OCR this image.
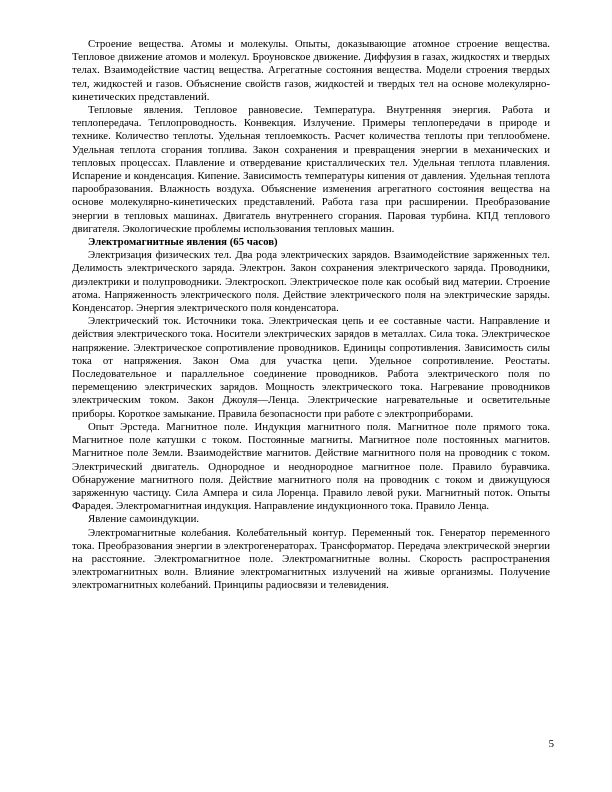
Строение вещества. Атомы и молекулы. Опыты, доказывающие атомное строение вещества. Тепловое движение атомов и молекул. Броуновское движение. Диффузия в газах, жидкостях и твердых телах. Взаимодействие частиц вещества. Агрегатные состояния вещества. Модели строения твердых тел, жидкостей и газов. Объяснение свойств газов, жидкостей и твердых тел на основе молекулярно-кинетических представлений.

Тепловые явления. Тепловое равновесие. Температура. Внутренняя энергия. Работа и теплопередача. Теплопроводность. Конвекция. Излучение. Примеры теплопередачи в природе и технике. Количество теплоты. Удельная теплоемкость. Расчет количества теплоты при теплообмене. Удельная теплота сгорания топлива. Закон сохранения и превращения энергии в механических и тепловых процессах. Плавление и отвердевание кристаллических тел. Удельная теплота плавления. Испарение и конденсация. Кипение. Зависимость температуры кипения от давления. Удельная теплота парообразования. Влажность воздуха. Объяснение изменения агрегатного состояния вещества на основе молекулярно-кинетических представлений. Работа газа при расширении. Преобразование энергии в тепловых машинах. Двигатель внутреннего сгорания. Паровая турбина. КПД теплового двигателя. Экологические проблемы использования тепловых машин.

Электромагнитные явления (65 часов)

Электризация физических тел. Два рода электрических зарядов. Взаимодействие заряженных тел. Делимость электрического заряда. Электрон. Закон сохранения электрического заряда. Проводники, диэлектрики и полупроводники. Электроскоп. Электрическое поле как особый вид материи. Строение атома. Напряженность электрического поля. Действие электрического поля на электрические заряды. Конденсатор. Энергия электрического поля конденсатора.

Электрический ток. Источники тока. Электрическая цепь и ее составные части. Направление и действия электрического тока. Носители электрических зарядов в металлах. Сила тока. Электрическое напряжение. Электрическое сопротивление проводников. Единицы сопротивления. Зависимость силы тока от напряжения. Закон Ома для участка цепи. Удельное сопротивление. Реостаты. Последовательное и параллельное соединение проводников. Работа электрического поля по перемещению электрических зарядов. Мощность электрического тока. Нагревание проводников электрическим током. Закон Джоуля—Ленца. Электрические нагревательные и осветительные приборы. Короткое замыкание. Правила безопасности при работе с электроприборами.

Опыт Эрстеда. Магнитное поле. Индукция магнитного поля. Магнитное поле прямого тока. Магнитное поле катушки с током. Постоянные магниты. Магнитное поле постоянных магнитов. Магнитное поле Земли. Взаимодействие магнитов. Действие магнитного поля на проводник с током. Электрический двигатель. Однородное и неоднородное магнитное поле. Правило буравчика. Обнаружение магнитного поля. Действие магнитного поля на проводник с током и движущуюся заряженную частицу. Сила Ампера и сила Лоренца. Правило левой руки. Магнитный поток. Опыты Фарадея. Электромагнитная индукция. Направление индукционного тока. Правило Ленца.

Явление самоиндукции.

Электромагнитные колебания. Колебательный контур. Переменный ток. Генератор переменного тока. Преобразования энергии в электрогенераторах. Трансформатор. Передача электрической энергии на расстояние. Электромагнитное поле. Электромагнитные волны. Скорость распространения электромагнитных волн. Влияние электромагнитных излучений на живые организмы. Получение электромагнитных колебаний. Принципы радиосвязи и телевидения.

5
